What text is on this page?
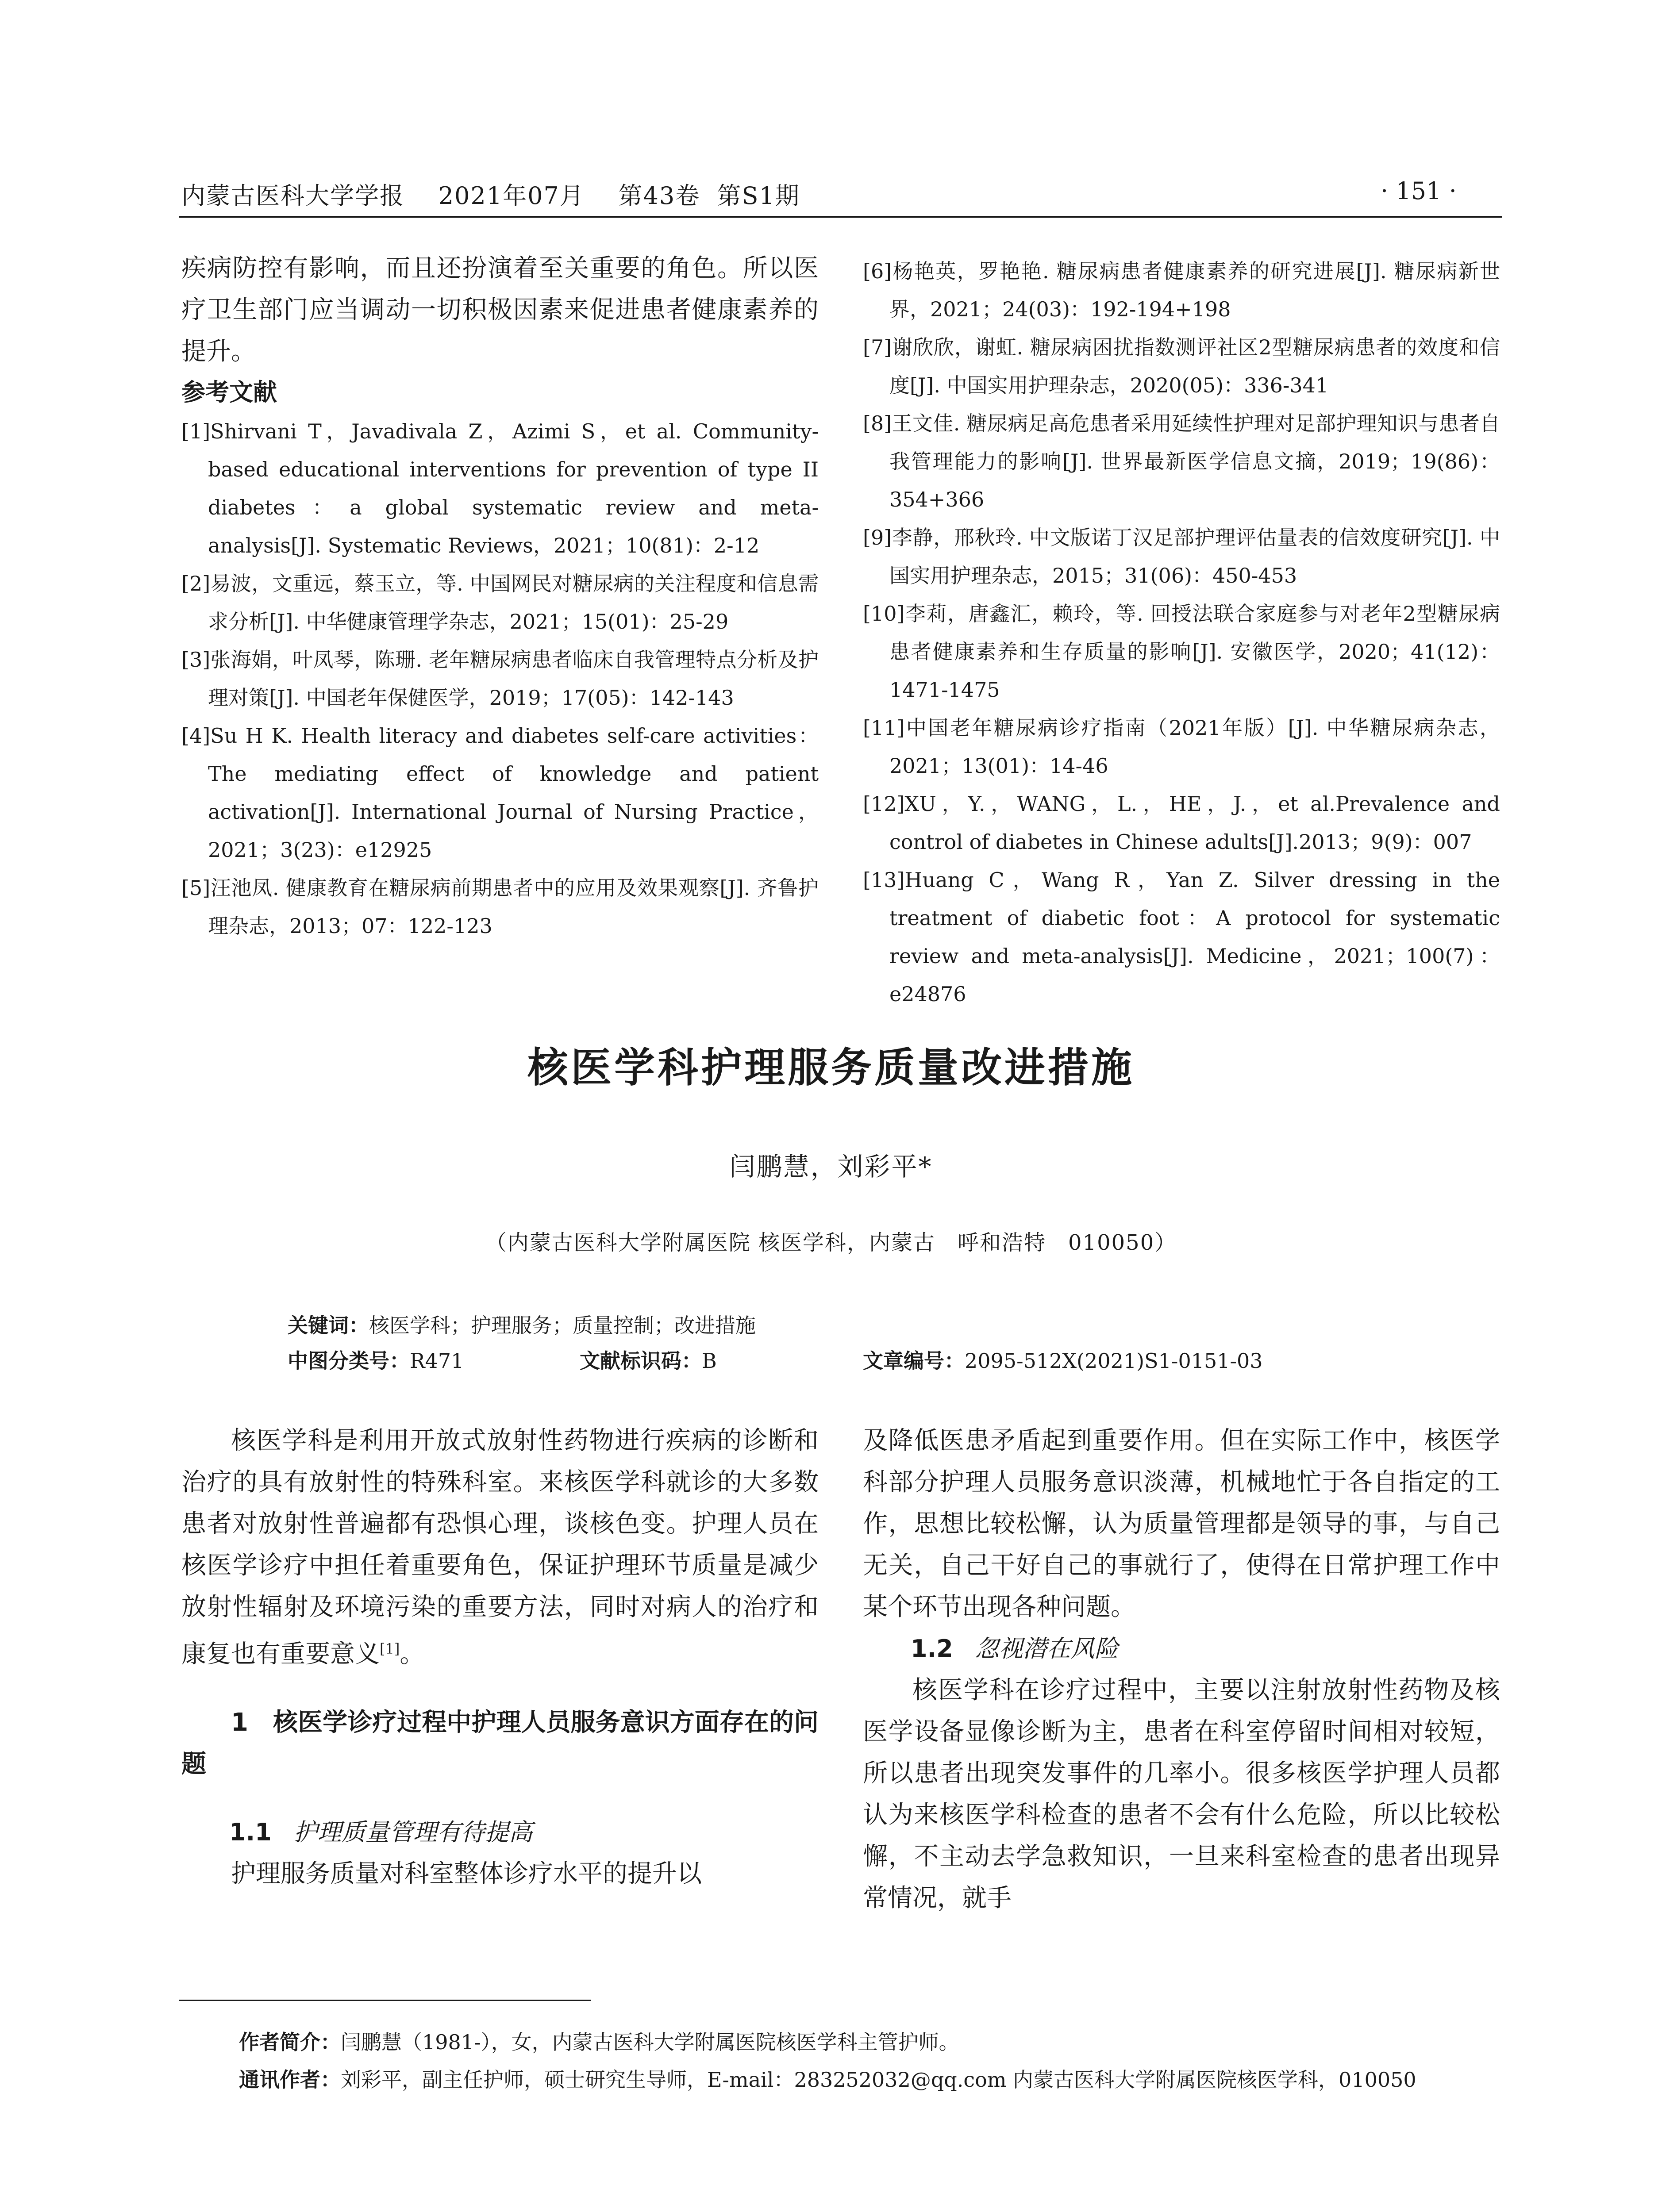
内蒙古医科大学学报 2021年07月 第43卷 第S1期	· 151 ·

疾病防控有影响，而且还扮演着至关重要的角色。所以医疗卫生部门应当调动一切积极因素来促进患者健康素养的提升。

参考文献

[1]Shirvani T，Javadivala Z，Azimi S，et al. Community-based educational interventions for prevention of type II diabetes：a global systematic review and meta- analysis[J]. Systematic Reviews，2021；10(81)：2-12

[2]易波，文重远，蔡玉立，等. 中国网民对糖尿病的关注程度和信息需求分析[J]. 中华健康管理学杂志，2021；15(01)：25-29

[3]张海娟，叶凤琴，陈珊. 老年糖尿病患者临床自我管理特点分析及护理对策[J]. 中国老年保健医学，2019；17(05)：142-143

[4]Su H K. Health literacy and diabetes self-care activities：The mediating effect of knowledge and patient activation[J]. International Journal of Nursing Practice，2021；3(23)：e12925

[5]汪池凤. 健康教育在糖尿病前期患者中的应用及效果观察[J]. 齐鲁护理杂志，2013；07：122-123

[6]杨艳英，罗艳艳. 糖尿病患者健康素养的研究进展[J]. 糖尿病新世界，2021；24(03)：192-194+198

[7]谢欣欣，谢虹. 糖尿病困扰指数测评社区2型糖尿病患者的效度和信度[J]. 中国实用护理杂志，2020(05)：336-341

[8]王文佳. 糖尿病足高危患者采用延续性护理对足部护理知识与患者自我管理能力的影响[J]. 世界最新医学信息文摘，2019；19(86)：354+366

[9]李静，邢秋玲. 中文版诺丁汉足部护理评估量表的信效度研究[J]. 中国实用护理杂志，2015；31(06)：450-453

[10]李莉，唐鑫汇，赖玲，等. 回授法联合家庭参与对老年2型糖尿病患者健康素养和生存质量的影响[J]. 安徽医学，2020；41(12)：1471-1475

[11]中国老年糖尿病诊疗指南（2021年版）[J]. 中华糖尿病杂志，2021；13(01)：14-46

[12]XU，Y.，WANG，L.，HE，J.，et al.Prevalence and control of diabetes in Chinese adults[J].2013；9(9)：007

[13]Huang C，Wang R，Yan Z. Silver dressing in the treatment of diabetic foot：A protocol for systematic review and meta-analysis[J]. Medicine，2021；100(7)：e24876

核医学科护理服务质量改进措施
闫鹏慧，刘彩平*
（内蒙古医科大学附属医院 核医学科，内蒙古　呼和浩特　010050）
关键词：核医学科；护理服务；质量控制；改进措施
中图分类号：R471	文献标识码：B	文章编号：2095-512X(2021)S1-0151-03

核医学科是利用开放式放射性药物进行疾病的诊断和治疗的具有放射性的特殊科室。来核医学科就诊的大多数患者对放射性普遍都有恐惧心理，谈核色变。护理人员在核医学诊疗中担任着重要角色，保证护理环节质量是减少放射性辐射及环境污染的重要方法，同时对病人的治疗和康复也有重要意义[1]。

1　核医学诊疗过程中护理人员服务意识方面存在的问题

1.1 护理质量管理有待提高

护理服务质量对科室整体诊疗水平的提升以

及降低医患矛盾起到重要作用。但在实际工作中，核医学科部分护理人员服务意识淡薄，机械地忙于各自指定的工作，思想比较松懈，认为质量管理都是领导的事，与自己无关，自己干好自己的事就行了，使得在日常护理工作中某个环节出现各种问题。

1.2 忽视潜在风险

核医学科在诊疗过程中，主要以注射放射性药物及核医学设备显像诊断为主，患者在科室停留时间相对较短，所以患者出现突发事件的几率小。很多核医学护理人员都认为来核医学科检查的患者不会有什么危险，所以比较松懈，不主动去学急救知识，一旦来科室检查的患者出现异常情况，就手

作者简介：闫鹏慧（1981-），女，内蒙古医科大学附属医院核医学科主管护师。
通讯作者：刘彩平，副主任护师，硕士研究生导师，E-mail：283252032@qq.com 内蒙古医科大学附属医院核医学科，010050
